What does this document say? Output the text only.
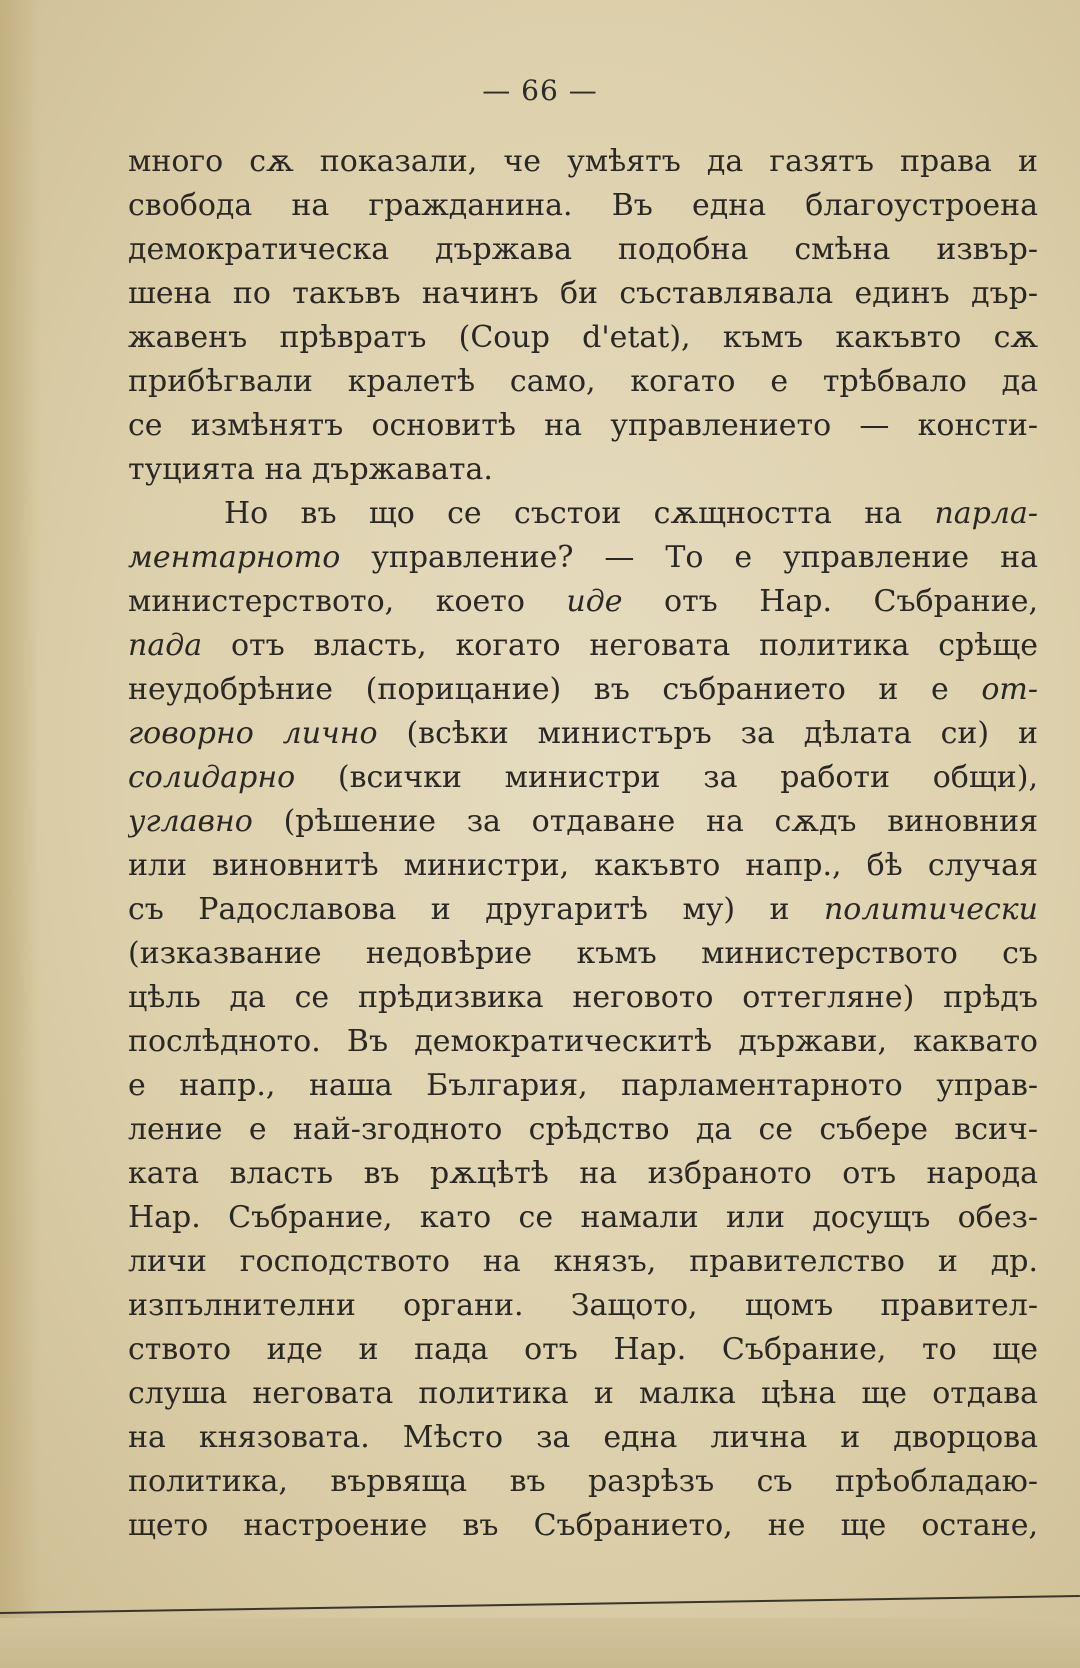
— 66 —
много сѫ показали, че умѣятъ да газятъ права и
свобода на гражданина. Въ една благоустроена
демократическа държава подобна смѣна извър-
шена по такъвъ начинъ би съставлявала единъ дър-
жавенъ прѣвратъ (Coup d'etat), къмъ какъвто сѫ
прибѣгвали кралетѣ само, когато е трѣбвало да
се измѣнятъ основитѣ на управлението — консти-
туцията на държавата.
Но въ що се състои сѫщността на парла-
ментарното управление? — То е управление на
министерството, което иде отъ Нар. Събрание,
пада отъ власть, когато неговата политика срѣще
неудобрѣние (порицание) въ събранието и е от-
говорно лично (всѣки министъръ за дѣлата си) и
солидарно (всички министри за работи общи),
углавно (рѣшение за отдаване на сѫдъ виновния
или виновнитѣ министри, какъвто напр., бѣ случая
съ Радославова и другаритѣ му) и политически
(изказвание недовѣрие къмъ министерството съ
цѣль да се прѣдизвика неговото оттегляне) прѣдъ
послѣдното. Въ демократическитѣ държави, каквато
е напр., наша България, парламентарното управ-
ление е най-згодното срѣдство да се събере всич-
ката власть въ рѫцѣтѣ на избраното отъ народа
Нар. Събрание, като се намали или досущъ обез-
личи господството на князъ, правителство и др.
изпълнителни органи. Защото, щомъ правител-
ството иде и пада отъ Нар. Събрание, то ще
слуша неговата политика и малка цѣна ще отдава
на князовата. Мѣсто за една лична и дворцова
политика, вървяща въ разрѣзъ съ прѣобладаю-
щето настроение въ Събранието, не ще остане,
